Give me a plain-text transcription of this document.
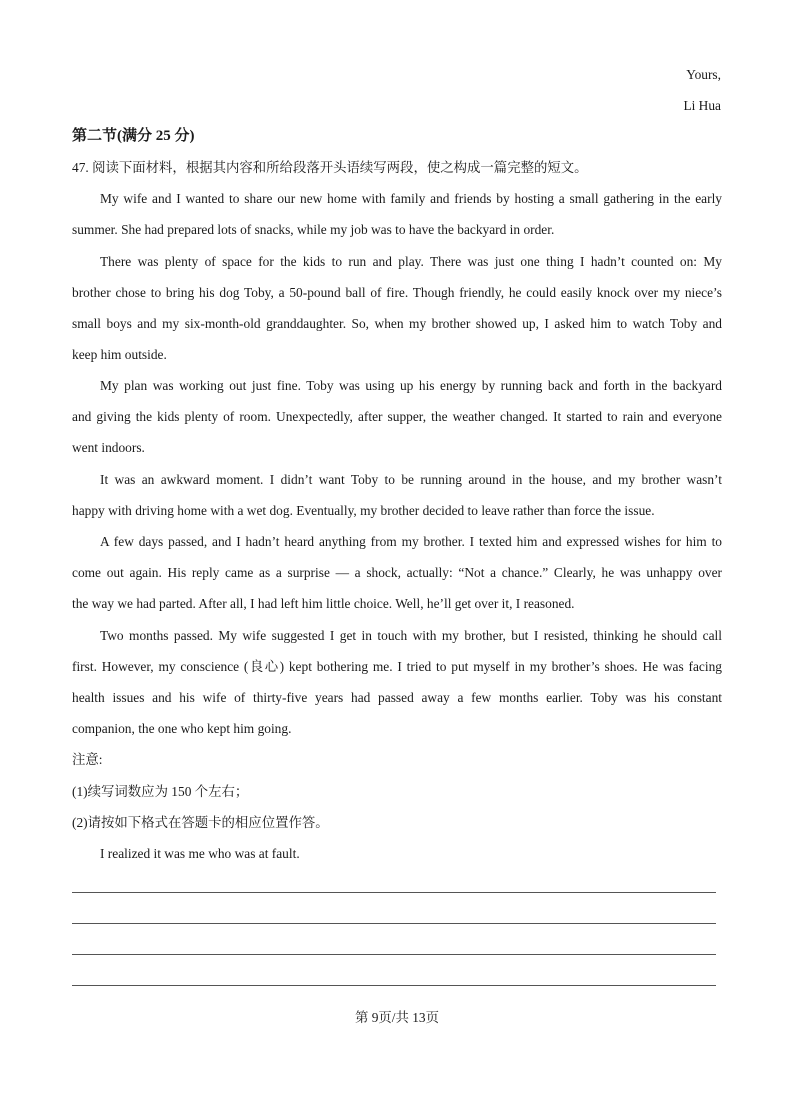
Yours,
Li Hua
第二节(满分 25 分)
47. 阅读下面材料，根据其内容和所给段落开头语续写两段，使之构成一篇完整的短文。
My wife and I wanted to share our new home with family and friends by hosting a small gathering in the early
summer. She had prepared lots of snacks, while my job was to have the backyard in order.
There was plenty of space for the kids to run and play. There was just one thing I hadn’t counted on: My
brother chose to bring his dog Toby, a 50-pound ball of fire. Though friendly, he could easily knock over my niece’s
small boys and my six-month-old granddaughter. So, when my brother showed up, I asked him to watch Toby and
keep him outside.
My plan was working out just fine. Toby was using up his energy by running back and forth in the backyard
and giving the kids plenty of room. Unexpectedly, after supper, the weather changed. It started to rain and everyone
went indoors.
It was an awkward moment. I didn’t want Toby to be running around in the house, and my brother wasn’t
happy with driving home with a wet dog. Eventually, my brother decided to leave rather than force the issue.
A few days passed, and I hadn’t heard anything from my brother. I texted him and expressed wishes for him to
come out again. His reply came as a surprise — a shock, actually: “Not a chance.” Clearly, he was unhappy over
the way we had parted. After all, I had left him little choice. Well, he’ll get over it, I reasoned.
Two months passed. My wife suggested I get in touch with my brother, but I resisted, thinking he should call
first. However, my conscience (良心) kept bothering me. I tried to put myself in my brother’s shoes. He was facing
health issues and his wife of thirty-five years had passed away a few months earlier. Toby was his constant
companion, the one who kept him going.
注意:
(1)续写词数应为 150 个左右；
(2)请按如下格式在答题卡的相应位置作答。
I realized it was me who was at fault.
第 9页/共 13页
